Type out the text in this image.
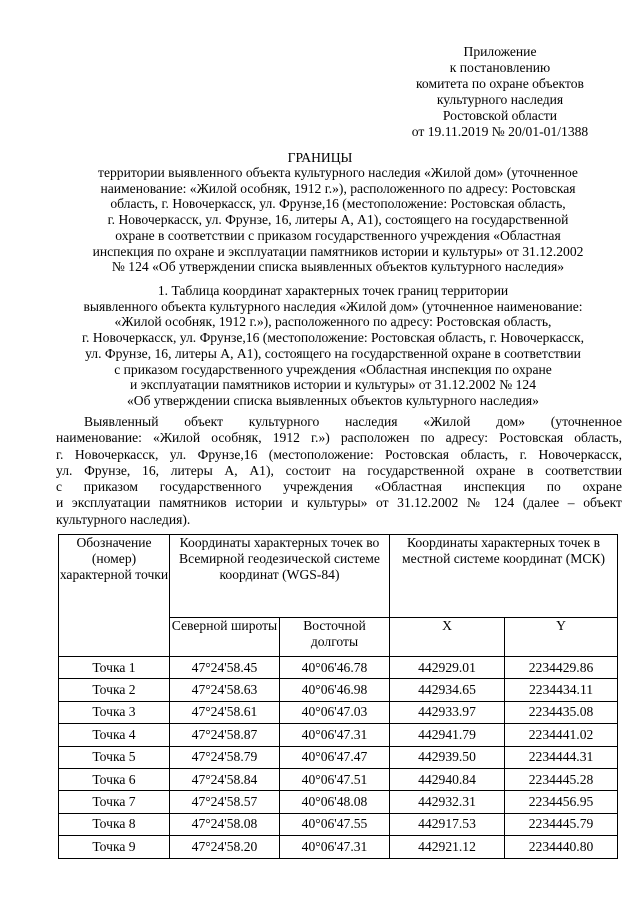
Приложение
к постановлению
комитета по охране объектов
культурного наследия
Ростовской области
от 19.11.2019 № 20/01-01/1388
ГРАНИЦЫ
территории выявленного объекта культурного наследия «Жилой дом» (уточненное
наименование: «Жилой особняк, 1912 г.»), расположенного по адресу: Ростовская
область, г. Новочеркасск, ул. Фрунзе,16 (местоположение: Ростовская область,
г. Новочеркасск, ул. Фрунзе, 16, литеры А, А1), состоящего на государственной
охране в соответствии с приказом государственного учреждения «Областная
инспекция по охране и эксплуатации памятников истории и культуры» от 31.12.2002
№ 124 «Об утверждении списка выявленных объектов культурного наследия»
1. Таблица координат характерных точек границ территории
выявленного объекта культурного наследия «Жилой дом» (уточненное наименование:
«Жилой особняк, 1912 г.»), расположенного по адресу: Ростовская область,
г. Новочеркасск, ул. Фрунзе,16 (местоположение: Ростовская область, г. Новочеркасск,
ул. Фрунзе, 16, литеры А, А1), состоящего на государственной охране в соответствии
с приказом государственного учреждения «Областная инспекция по охране
и эксплуатации памятников истории и культуры» от 31.12.2002 № 124
«Об утверждении списка выявленных объектов культурного наследия»
Выявленный объект культурного наследия «Жилой дом» (уточненное
наименование: «Жилой особняк, 1912 г.») расположен по адресу: Ростовская область,
г. Новочеркасск, ул. Фрунзе,16 (местоположение: Ростовская область, г. Новочеркасск,
ул. Фрунзе, 16, литеры А, А1), состоит на государственной охране в соответствии
с приказом государственного учреждения «Областная инспекция по охране
и эксплуатации памятников истории и культуры» от 31.12.2002 № 124 (далее – объект
культурного наследия).
Обозначение (номер) характерной точки	Координаты характерных точек во Всемирной геодезической системе координат (WGS-84)		Координаты характерных точек в местной системе координат (МСК)	
	Северной широты	Восточной долготы	X	Y
Точка 1	47°24'58.45	40°06'46.78	442929.01	2234429.86
Точка 2	47°24'58.63	40°06'46.98	442934.65	2234434.11
Точка 3	47°24'58.61	40°06'47.03	442933.97	2234435.08
Точка 4	47°24'58.87	40°06'47.31	442941.79	2234441.02
Точка 5	47°24'58.79	40°06'47.47	442939.50	2234444.31
Точка 6	47°24'58.84	40°06'47.51	442940.84	2234445.28
Точка 7	47°24'58.57	40°06'48.08	442932.31	2234456.95
Точка 8	47°24'58.08	40°06'47.55	442917.53	2234445.79
Точка 9	47°24'58.20	40°06'47.31	442921.12	2234440.80
